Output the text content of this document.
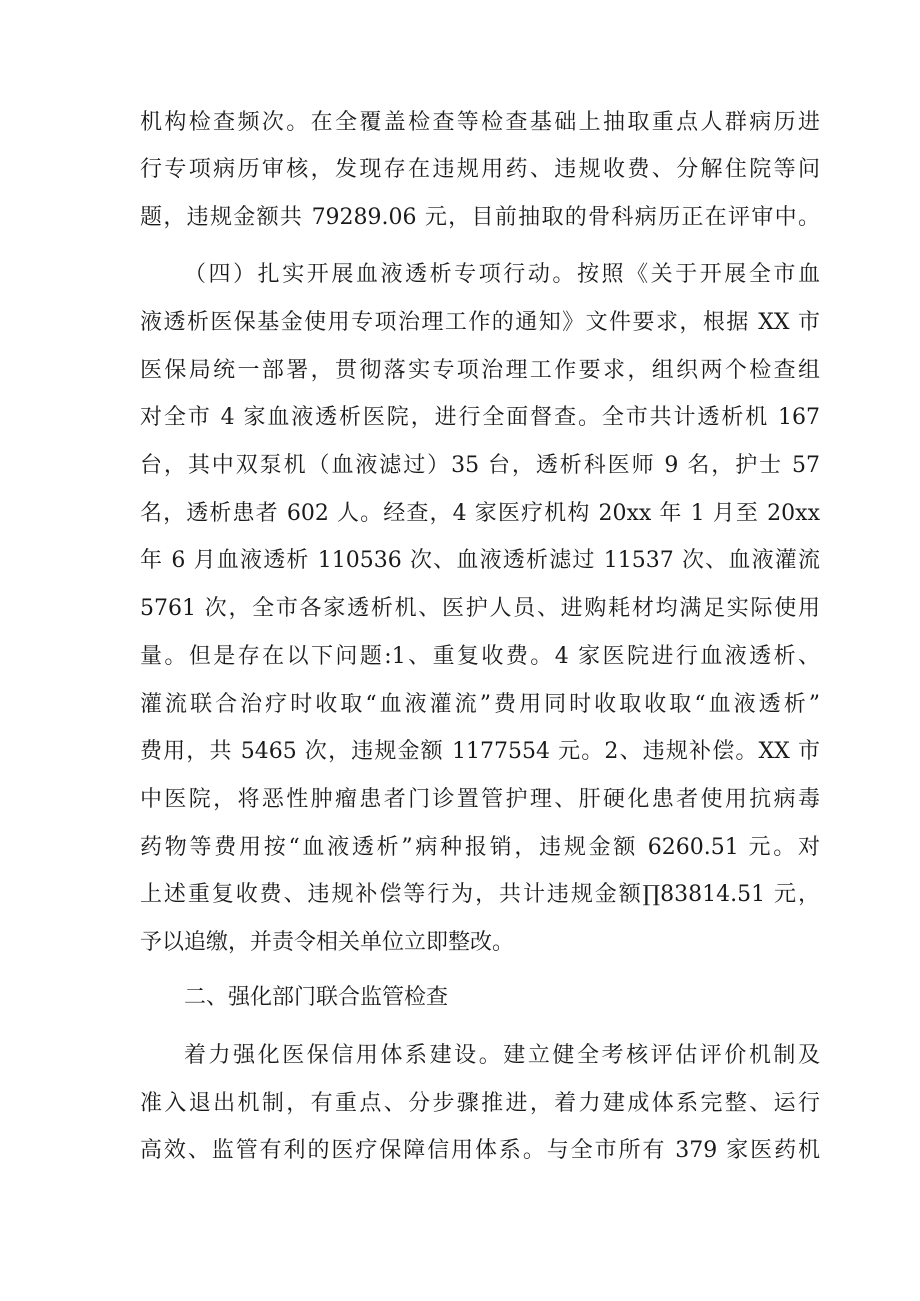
机构检查频次。在全覆盖检查等检查基础上抽取重点人群病历进
行专项病历审核，发现存在违规用药、违规收费、分解住院等问
题，违规金额共 79289.06 元，目前抽取的骨科病历正在评审中。
（四）扎实开展血液透析专项行动。按照《关于开展全市血
液透析医保基金使用专项治理工作的通知》文件要求，根据 XX 市
医保局统一部署，贯彻落实专项治理工作要求，组织两个检查组
对全市 4 家血液透析医院，进行全面督查。全市共计透析机 167
台，其中双泵机（血液滤过）35 台，透析科医师 9 名，护士 57
名，透析患者 602 人。经查，4 家医疗机构 20xx 年 1 月至 20xx
年 6 月血液透析 110536 次、血液透析滤过 11537 次、血液灌流
5761 次，全市各家透析机、医护人员、进购耗材均满足实际使用
量。但是存在以下问题:1、重复收费。4 家医院进行血液透析、
灌流联合治疗时收取“血液灌流”费用同时收取收取“血液透析”
费用，共 5465 次，违规金额 1177554 元。2、违规补偿。XX 市
中医院，将恶性肿瘤患者门诊置管护理、肝硬化患者使用抗病毒
药物等费用按“血液透析”病种报销，违规金额 6260.51 元。对
上述重复收费、违规补偿等行为，共计违规金额∏83814.51 元，
予以追缴，并责令相关单位立即整改。
二、强化部门联合监管检查
着力强化医保信用体系建设。建立健全考核评估评价机制及
准入退出机制，有重点、分步骤推进，着力建成体系完整、运行
高效、监管有利的医疗保障信用体系。与全市所有 379 家医药机
